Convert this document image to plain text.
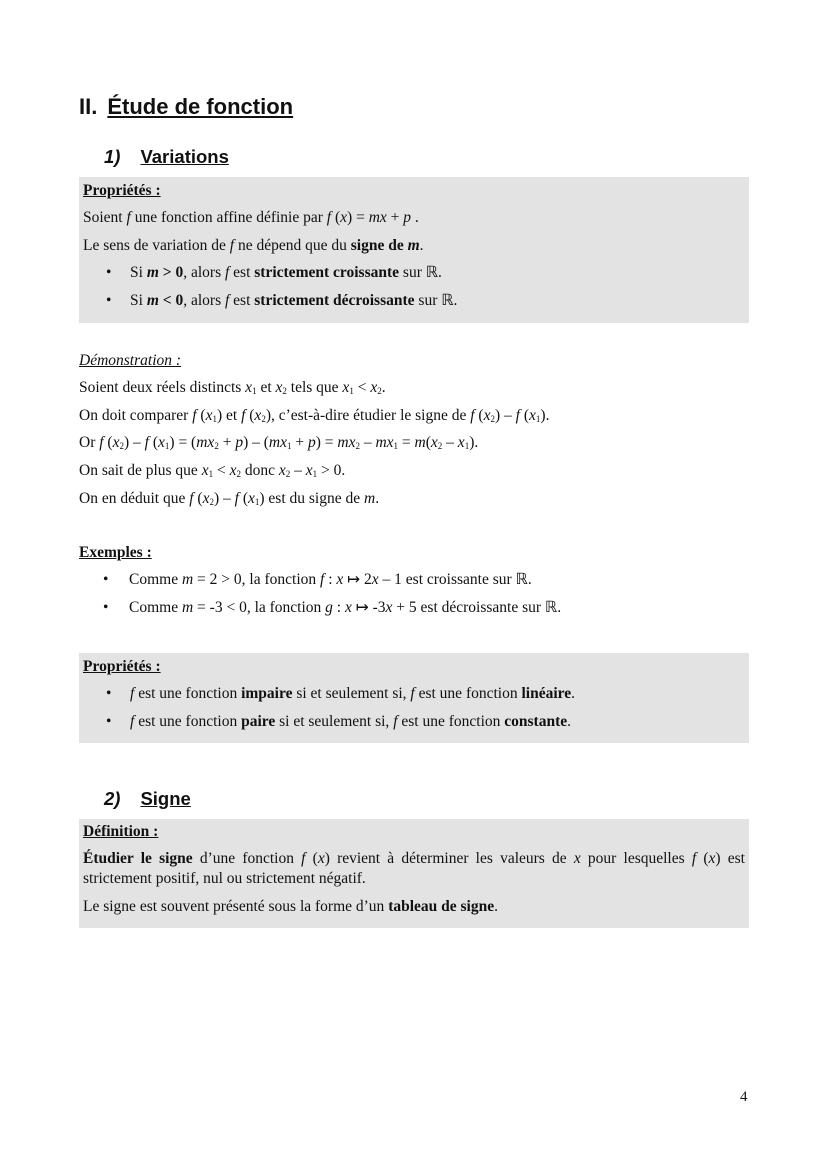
II. Étude de fonction
1) Variations
Propriétés :
Soient f une fonction affine définie par f (x) = mx + p .
Le sens de variation de f ne dépend que du signe de m.
• Si m > 0, alors f est strictement croissante sur ℝ.
• Si m < 0, alors f est strictement décroissante sur ℝ.
Démonstration :
Soient deux réels distincts $x_1$ et $x_2$ tels que $x_1 < x_2$.
On doit comparer f $(x_1)$ et f $(x_2)$, c’est-à-dire étudier le signe de f $(x_2)$ – f $(x_1)$.
Or f $(x_2)$ – f $(x_1) = (mx_2 + p) - (mx_1 + p) = mx_2 - mx_1 = m(x_2 - x_1)$.
On sait de plus que $x_1 < x_2$ donc $x_2 - x_1 > 0$.
On en déduit que f $(x_2)$ – f $(x_1)$ est du signe de m.
Exemples :
• Comme m = 2 > 0, la fonction f : x ↦ 2x – 1 est croissante sur ℝ.
• Comme m = -3 < 0, la fonction g : x ↦ -3x + 5 est décroissante sur ℝ.
Propriétés :
• f est une fonction impaire si et seulement si, f est une fonction linéaire.
• f est une fonction paire si et seulement si, f est une fonction constante.
2) Signe
Définition :
Étudier le signe d’une fonction f (x) revient à déterminer les valeurs de x pour lesquelles f (x) est strictement positif, nul ou strictement négatif.
Le signe est souvent présenté sous la forme d’un tableau de signe.
4
